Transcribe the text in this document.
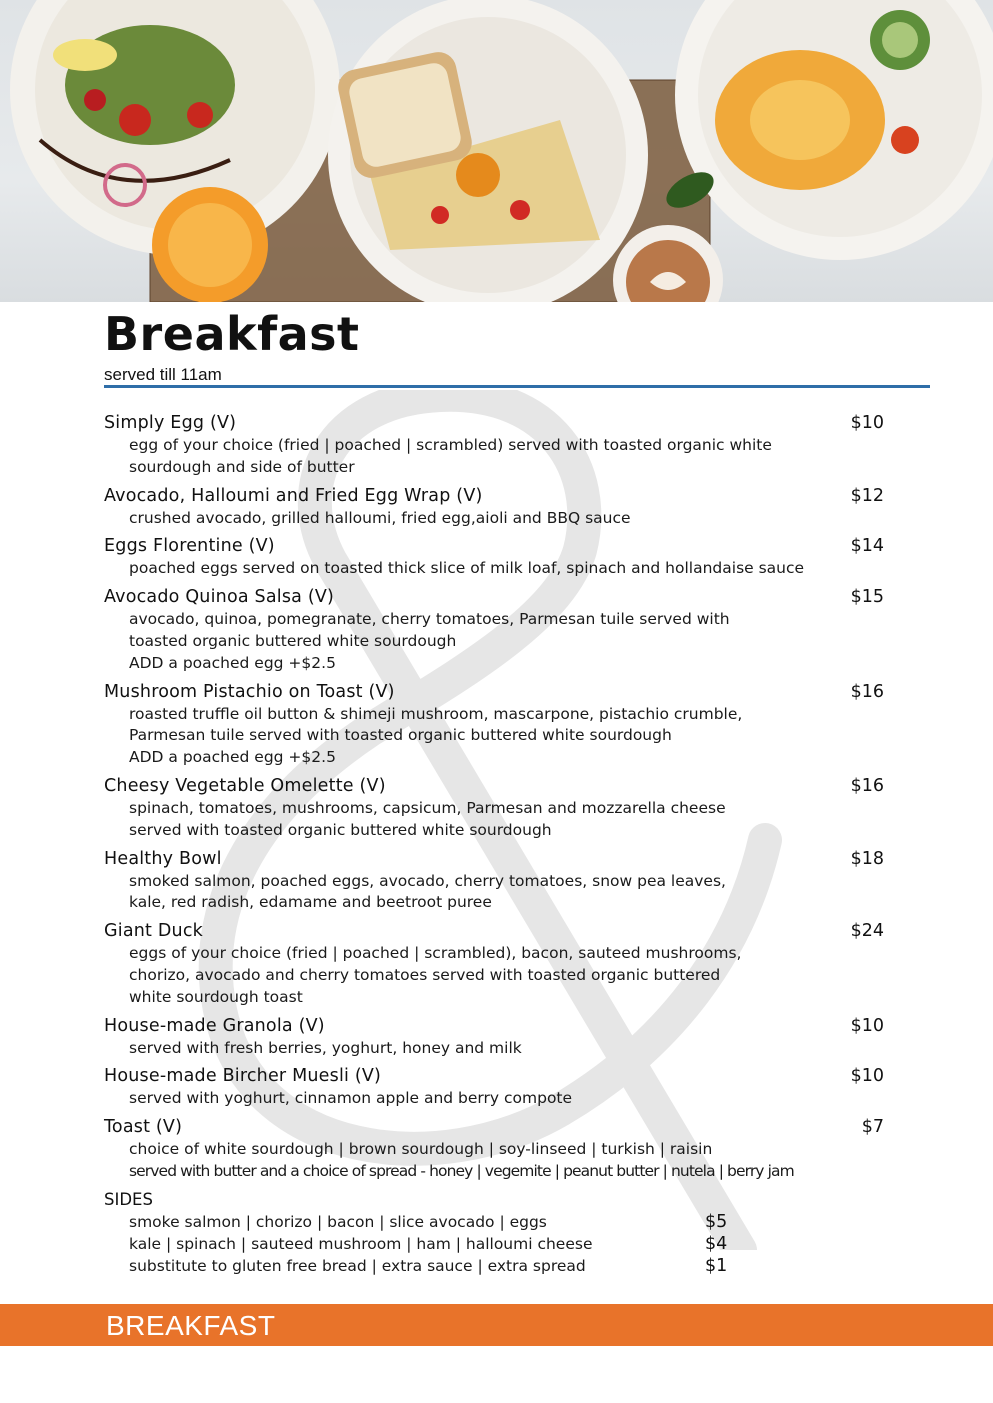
Breakfast
served till 11am
Simply Egg (V)	$10
egg of your choice (fried | poached | scrambled) served with toasted organic white
sourdough and side of butter
Avocado, Halloumi and Fried Egg Wrap (V)	$12
crushed avocado, grilled halloumi, fried egg,aioli and BBQ sauce
Eggs Florentine (V)	$14
poached eggs served on toasted thick slice of milk loaf, spinach and hollandaise sauce
Avocado Quinoa Salsa (V)	$15
avocado, quinoa, pomegranate, cherry tomatoes, Parmesan tuile served with
toasted organic buttered white sourdough
ADD a poached egg +$2.5
Mushroom Pistachio on Toast (V)	$16
roasted truffle oil button & shimeji mushroom, mascarpone, pistachio crumble,
Parmesan tuile served with toasted organic buttered white sourdough
ADD a poached egg +$2.5
Cheesy Vegetable Omelette (V)	$16
spinach, tomatoes, mushrooms, capsicum, Parmesan and mozzarella cheese
served with toasted organic buttered white sourdough
Healthy Bowl	$18
smoked salmon, poached eggs, avocado, cherry tomatoes, snow pea leaves,
kale, red radish, edamame and beetroot puree
Giant Duck	$24
eggs of your choice (fried | poached | scrambled), bacon, sauteed mushrooms,
chorizo, avocado and cherry tomatoes served with toasted organic buttered
white sourdough toast
House-made Granola (V)	$10
served with fresh berries, yoghurt, honey and milk
House-made Bircher Muesli (V)	$10
served with yoghurt, cinnamon apple and berry compote
Toast (V)	$7
choice of white sourdough | brown sourdough | soy-linseed | turkish | raisin
served with butter and a choice of spread - honey | vegemite | peanut butter | nutela | berry jam
SIDES
smoke salmon | chorizo | bacon | slice avocado | eggs	$5
kale | spinach | sauteed mushroom | ham | halloumi cheese	$4
substitute to gluten free bread | extra sauce | extra spread	$1
BREAKFAST
